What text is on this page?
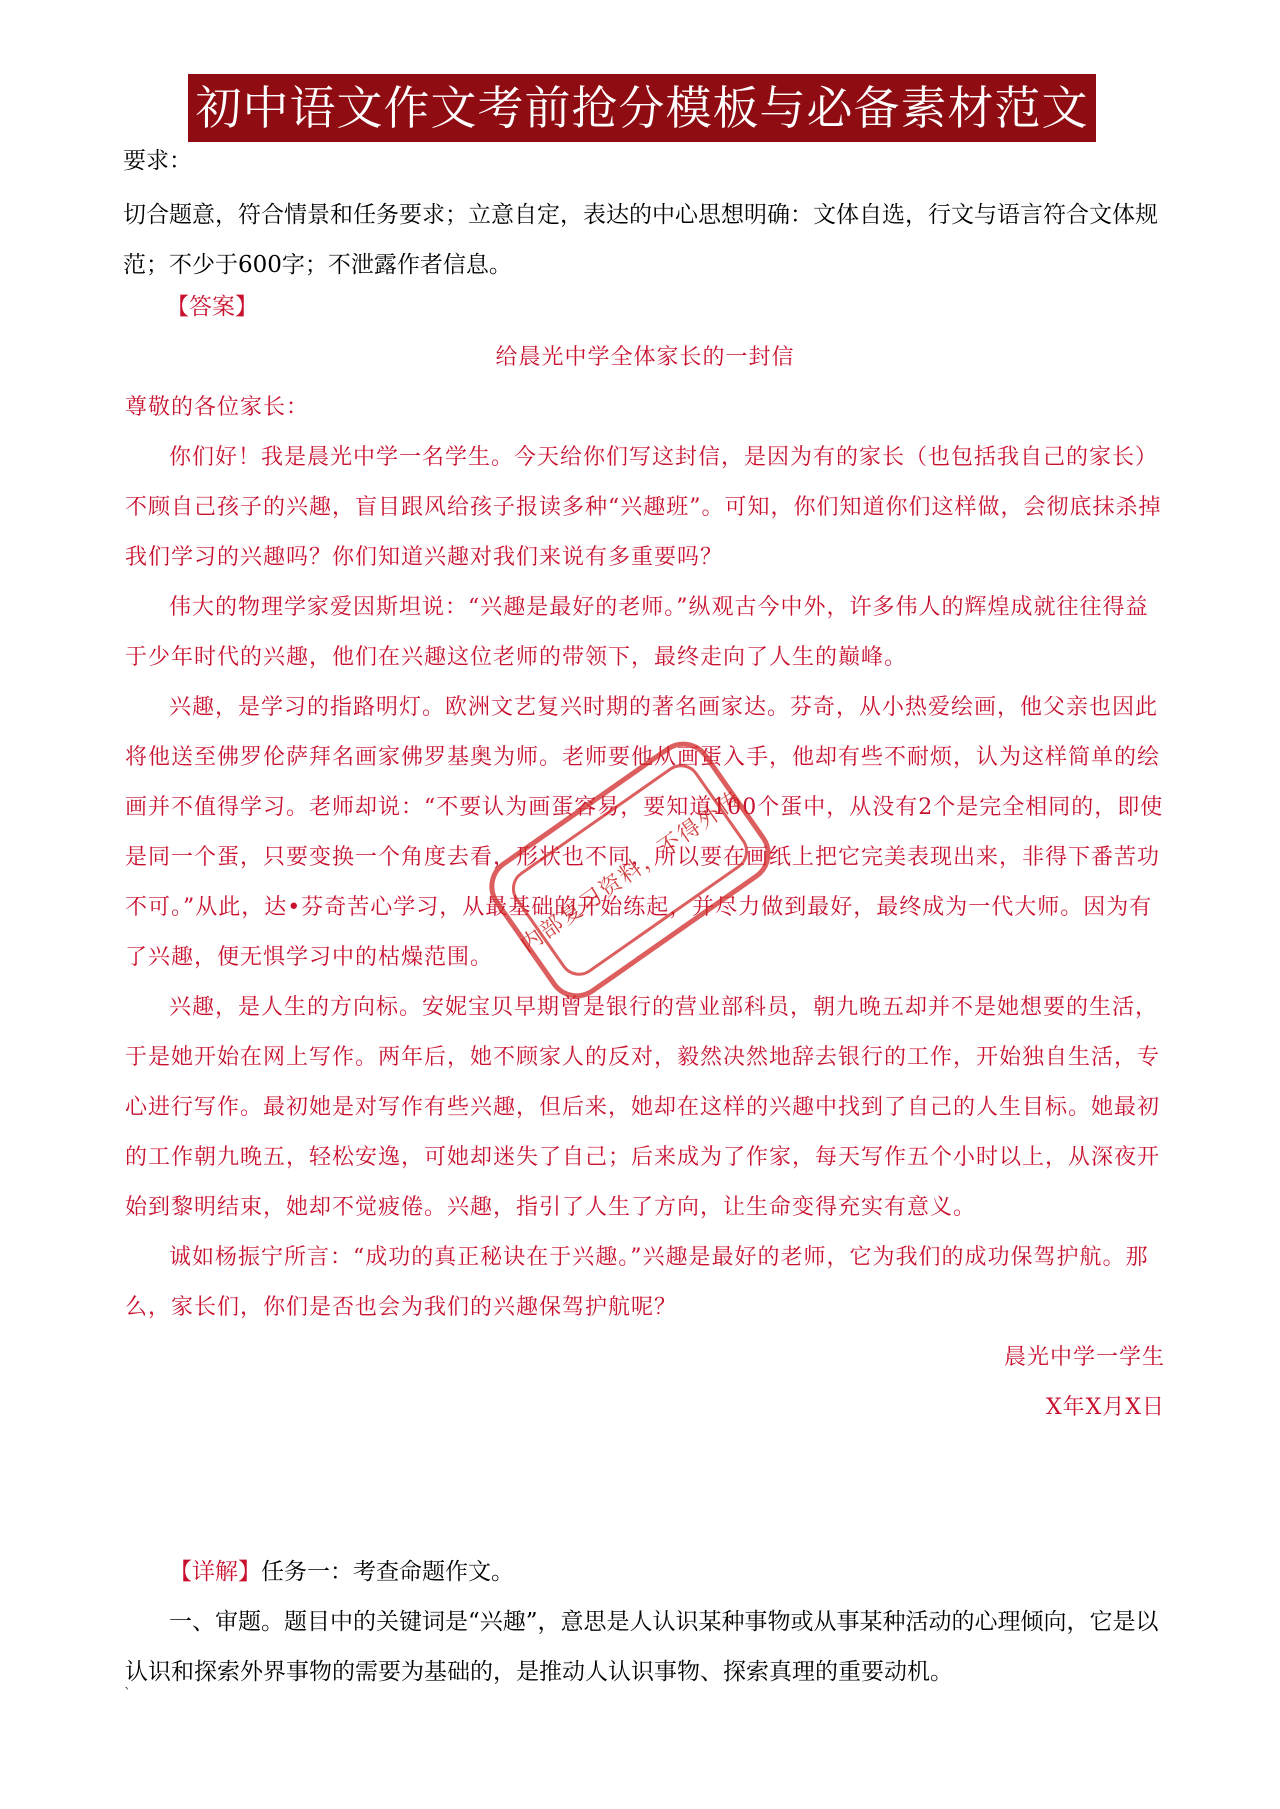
初中语文作文考前抢分模板与必备素材范文
要求：
切合题意，符合情景和任务要求；立意自定，表达的中心思想明确：文体自选，行文与语言符合文体规范；不少于600字；不泄露作者信息。
【答案】

给晨光中学全体家长的一封信

尊敬的各位家长：

你们好！我是晨光中学一名学生。今天给你们写这封信，是因为有的家长（也包括我自己的家长）不顾自己孩子的兴趣，盲目跟风给孩子报读多种“兴趣班”。可知，你们知道你们这样做，会彻底抹杀掉我们学习的兴趣吗？你们知道兴趣对我们来说有多重要吗？

伟大的物理学家爱因斯坦说：“兴趣是最好的老师。”纵观古今中外，许多伟人的辉煌成就往往得益于少年时代的兴趣，他们在兴趣这位老师的带领下，最终走向了人生的巅峰。

兴趣，是学习的指路明灯。欧洲文艺复兴时期的著名画家达。芬奇，从小热爱绘画，他父亲也因此将他送至佛罗伦萨拜名画家佛罗基奥为师。老师要他从画蛋入手，他却有些不耐烦，认为这样简单的绘画并不值得学习。老师却说：“不要认为画蛋容易，要知道100个蛋中，从没有2个是完全相同的，即使是同一个蛋，只要变换一个角度去看，形状也不同，所以要在画纸上把它完美表现出来，非得下番苦功不可。”从此，达•芬奇苦心学习，从最基础的开始练起，并尽力做到最好，最终成为一代大师。因为有了兴趣，便无惧学习中的枯燥范围。

兴趣，是人生的方向标。安妮宝贝早期曾是银行的营业部科员，朝九晚五却并不是她想要的生活，于是她开始在网上写作。两年后，她不顾家人的反对，毅然决然地辞去银行的工作，开始独自生活，专心进行写作。最初她是对写作有些兴趣，但后来，她却在这样的兴趣中找到了自己的人生目标。她最初的工作朝九晚五，轻松安逸，可她却迷失了自己；后来成为了作家，每天写作五个小时以上，从深夜开始到黎明结束，她却不觉疲倦。兴趣，指引了人生了方向，让生命变得充实有意义。

诚如杨振宁所言：“成功的真正秘诀在于兴趣。”兴趣是最好的老师，它为我们的成功保驾护航。那么，家长们，你们是否也会为我们的兴趣保驾护航呢？

晨光中学一学生

X年X月X日

【详解】任务一：考查命题作文。

一、审题。题目中的关键词是“兴趣”，意思是人认识某种事物或从事某种活动的心理倾向，它是以认识和探索外界事物的需要为基础的，是推动人认识事物、探索真理的重要动机。

内部复习资料，不得外传
`
